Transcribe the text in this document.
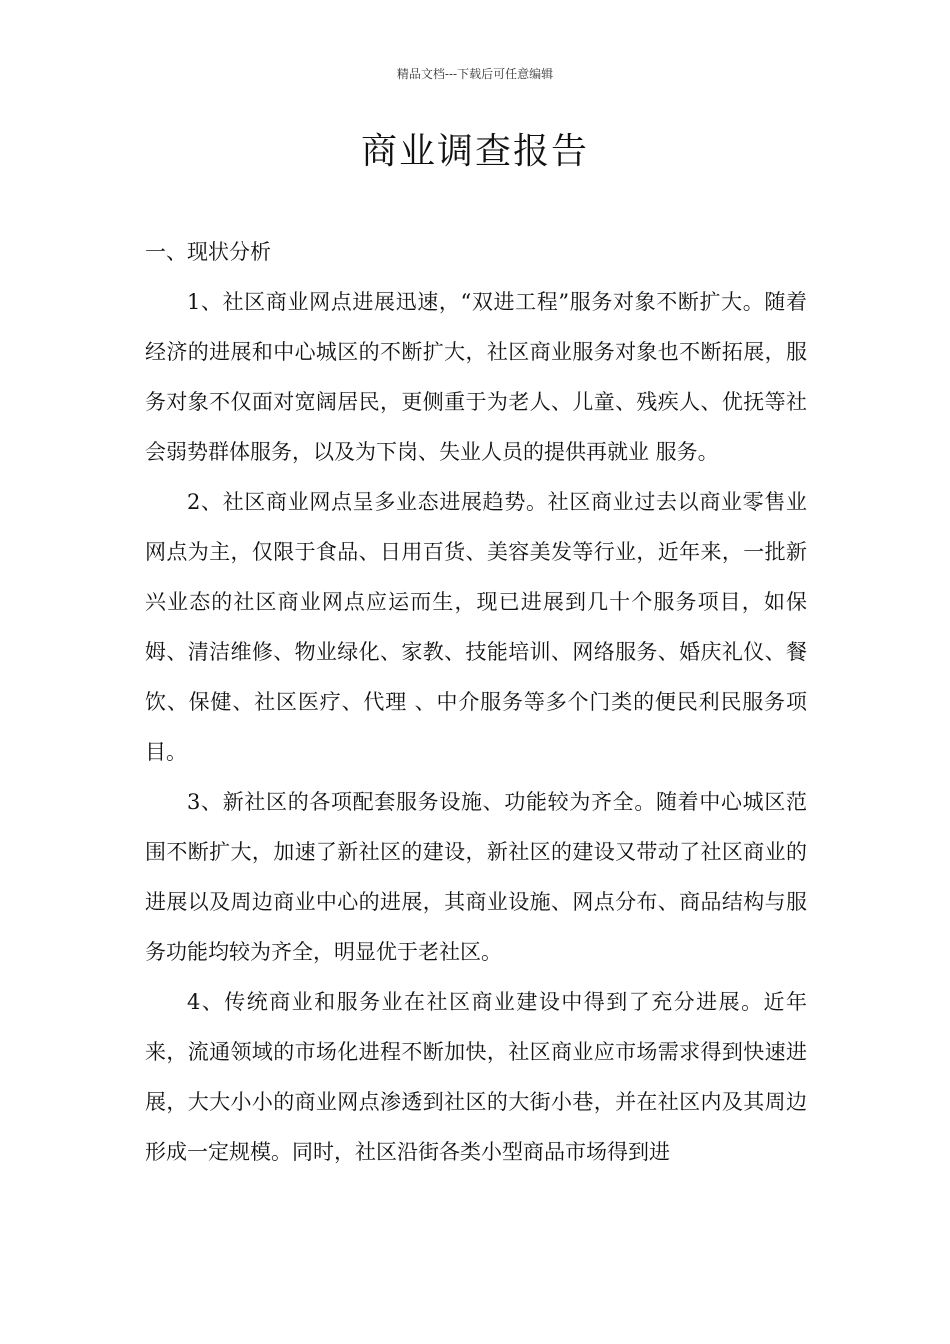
精品文档---下载后可任意编辑
商业调查报告
一、现状分析

1、社区商业网点进展迅速，“双进工程”服务对象不断扩大。随着经济的进展和中心城区的不断扩大，社区商业服务对象也不断拓展，服务对象不仅面对宽阔居民，更侧重于为老人、儿童、残疾人、优抚等社会弱势群体服务，以及为下岗、失业人员的提供再就业 服务。

2、社区商业网点呈多业态进展趋势。社区商业过去以商业零售业网点为主，仅限于食品、日用百货、美容美发等行业，近年来，一批新兴业态的社区商业网点应运而生，现已进展到几十个服务项目，如保姆、清洁维修、物业绿化、家教、技能培训、网络服务、婚庆礼仪、餐饮、保健、社区医疗、代理 、中介服务等多个门类的便民利民服务项目。

3、新社区的各项配套服务设施、功能较为齐全。随着中心城区范围不断扩大，加速了新社区的建设，新社区的建设又带动了社区商业的进展以及周边商业中心的进展，其商业设施、网点分布、商品结构与服务功能均较为齐全，明显优于老社区。

4、传统商业和服务业在社区商业建设中得到了充分进展。近年来，流通领域的市场化进程不断加快，社区商业应市场需求得到快速进展，大大小小的商业网点渗透到社区的大街小巷，并在社区内及其周边形成一定规模。同时，社区沿街各类小型商品市场得到进
